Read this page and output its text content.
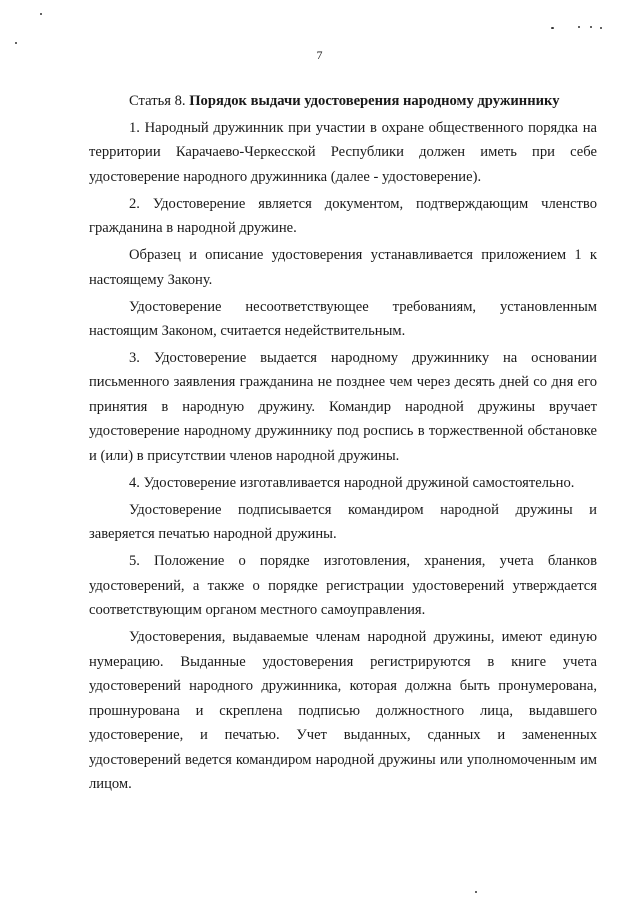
7

Статья 8. Порядок выдачи удостоверения народному дружиннику

1. Народный дружинник при участии в охране общественного порядка на территории Карачаево-Черкесской Республики должен иметь при себе удостоверение народного дружинника (далее - удостоверение).

2. Удостоверение является документом, подтверждающим членство гражданина в народной дружине.

Образец и описание удостоверения устанавливается приложением 1 к настоящему Закону.

Удостоверение несоответствующее требованиям, установленным настоящим Законом, считается недействительным.

3. Удостоверение выдается народному дружиннику на основании письменного заявления гражданина не позднее чем через десять дней со дня его принятия в народную дружину. Командир народной дружины вручает удостоверение народному дружиннику под роспись в торжественной обстановке и (или) в присутствии членов народной дружины.

4. Удостоверение изготавливается народной дружиной самостоятельно.

Удостоверение подписывается командиром народной дружины и заверяется печатью народной дружины.

5. Положение о порядке изготовления, хранения, учета бланков удостоверений, а также о порядке регистрации удостоверений утверждается соответствующим органом местного самоуправления.

Удостоверения, выдаваемые членам народной дружины, имеют единую нумерацию. Выданные удостоверения регистрируются в книге учета удостоверений народного дружинника, которая должна быть пронумерована, прошнурована и скреплена подписью должностного лица, выдавшего удостоверение, и печатью. Учет выданных, сданных и замененных удостоверений ведется командиром народной дружины или уполномоченным им лицом.
